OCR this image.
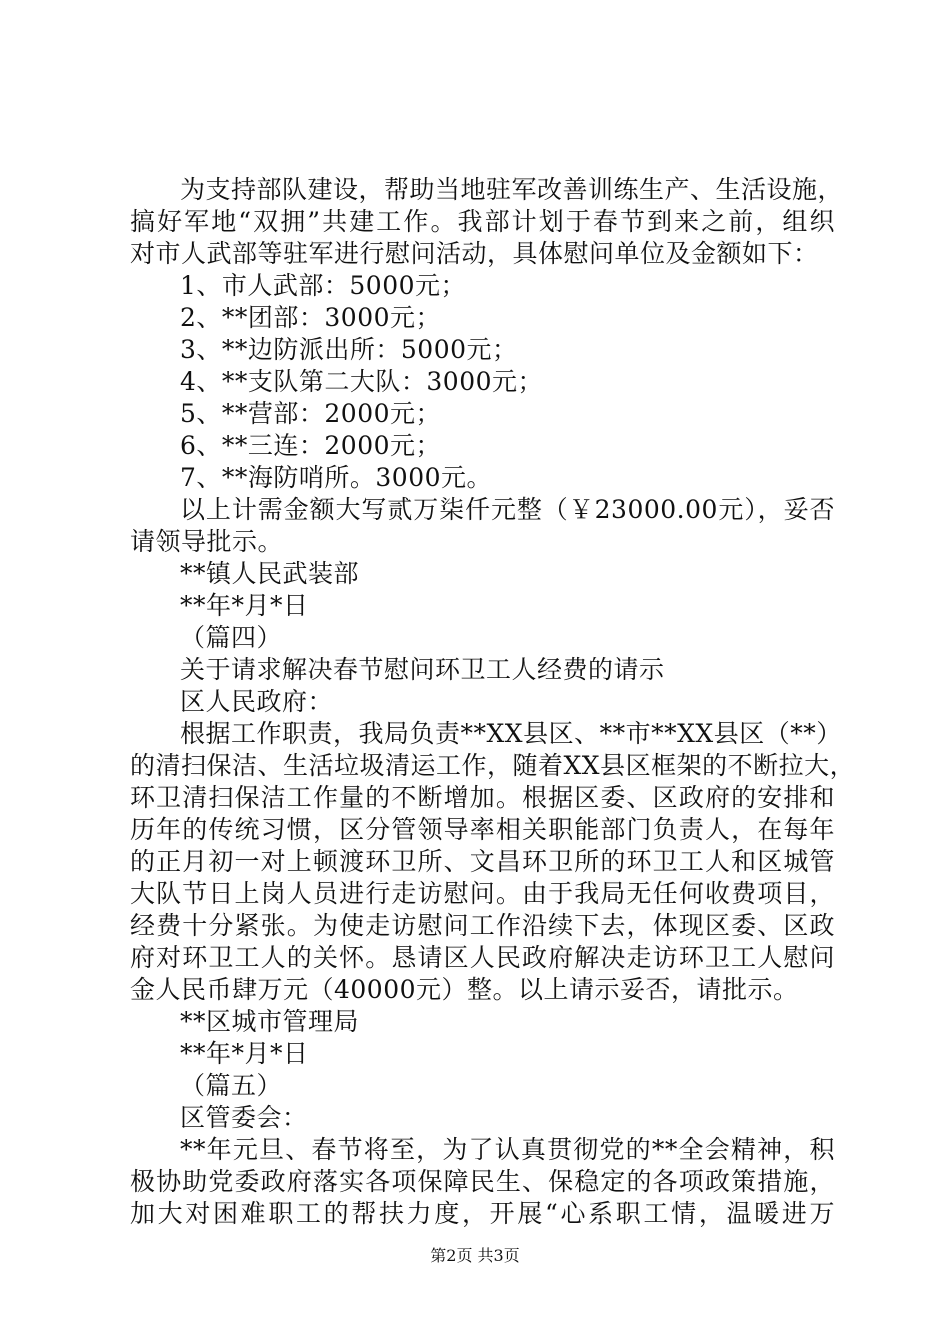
为支持部队建设，帮助当地驻军改善训练生产、生活设施，
搞好军地“双拥”共建工作。我部计划于春节到来之前，组织
对市人武部等驻军进行慰问活动，具体慰问单位及金额如下：
1、市人武部：5000元；
2、**团部：3000元；
3、**边防派出所：5000元；
4、**支队第二大队：3000元；
5、**营部：2000元；
6、**三连：2000元；
7、**海防哨所。3000元。
以上计需金额大写贰万柒仟元整（￥23000.00元），妥否
请领导批示。
**镇人民武装部
**年*月*日
（篇四）
关于请求解决春节慰问环卫工人经费的请示
区人民政府：
根据工作职责，我局负责**XX县区、**市**XX县区（**）
的清扫保洁、生活垃圾清运工作，随着XX县区框架的不断拉大，
环卫清扫保洁工作量的不断增加。根据区委、区政府的安排和
历年的传统习惯，区分管领导率相关职能部门负责人，在每年
的正月初一对上顿渡环卫所、文昌环卫所的环卫工人和区城管
大队节日上岗人员进行走访慰问。由于我局无任何收费项目，
经费十分紧张。为使走访慰问工作沿续下去，体现区委、区政
府对环卫工人的关怀。恳请区人民政府解决走访环卫工人慰问
金人民币肆万元（40000元）整。以上请示妥否，请批示。
**区城市管理局
**年*月*日
（篇五）
区管委会：
**年元旦、春节将至，为了认真贯彻党的**全会精神，积
极协助党委政府落实各项保障民生、保稳定的各项政策措施，
加大对困难职工的帮扶力度，开展“心系职工情，温暖进万
第2页 共3页
